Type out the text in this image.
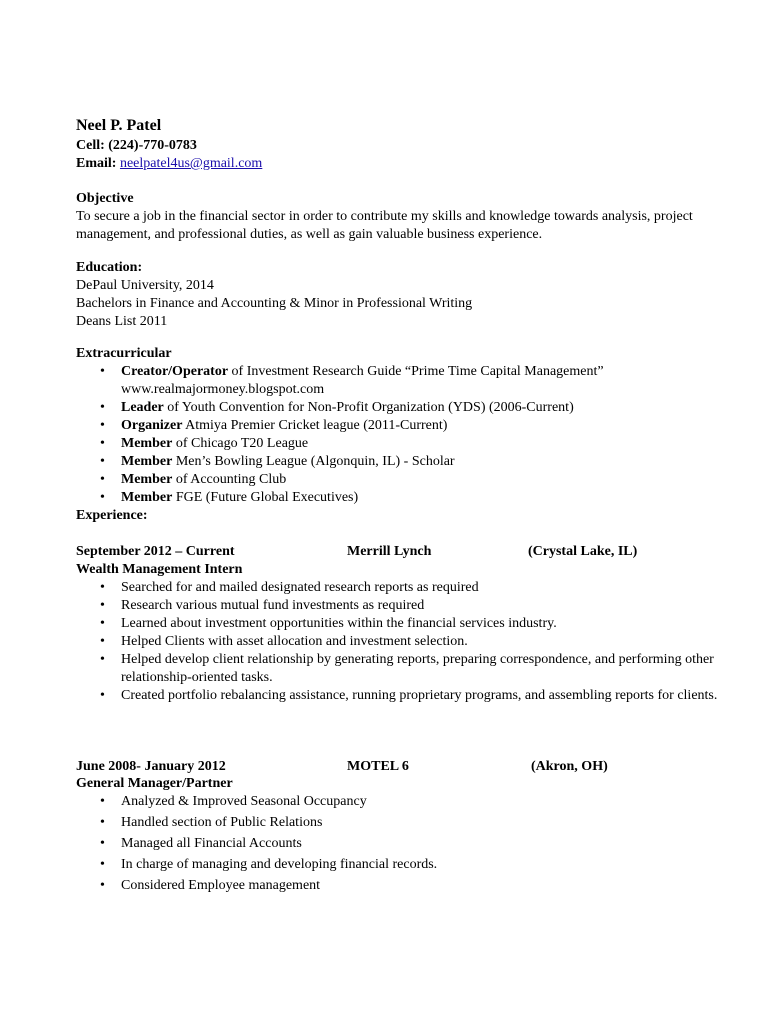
Neel P. Patel
Cell: (224)-770-0783
Email: neelpatel4us@gmail.com
Objective
To secure a job in the financial sector in order to contribute my skills and knowledge towards analysis, project management, and professional duties, as well as gain valuable business experience.
Education:
DePaul University, 2014
Bachelors in Finance and Accounting & Minor in Professional Writing
Deans List 2011
Extracurricular
• Creator/Operator of Investment Research Guide “Prime Time Capital Management”
www.realmajormoney.blogspot.com
• Leader of Youth Convention for Non-Profit Organization (YDS) (2006-Current)
• Organizer Atmiya Premier Cricket league (2011-Current)
• Member of Chicago T20 League
• Member Men’s Bowling League (Algonquin, IL) - Scholar
• Member of Accounting Club
• Member FGE (Future Global Executives)
Experience:
September 2012 – Current	Merrill Lynch	(Crystal Lake, IL)
Wealth Management Intern
• Searched for and mailed designated research reports as required
• Research various mutual fund investments as required
• Learned about investment opportunities within the financial services industry.
• Helped Clients with asset allocation and investment selection.
• Helped develop client relationship by generating reports, preparing correspondence, and performing other relationship-oriented tasks.
• Created portfolio rebalancing assistance, running proprietary programs, and assembling reports for clients.
June 2008- January 2012	MOTEL 6	(Akron, OH)
General Manager/Partner
• Analyzed & Improved Seasonal Occupancy
• Handled section of Public Relations
• Managed all Financial Accounts
• In charge of managing and developing financial records.
• Considered Employee management
